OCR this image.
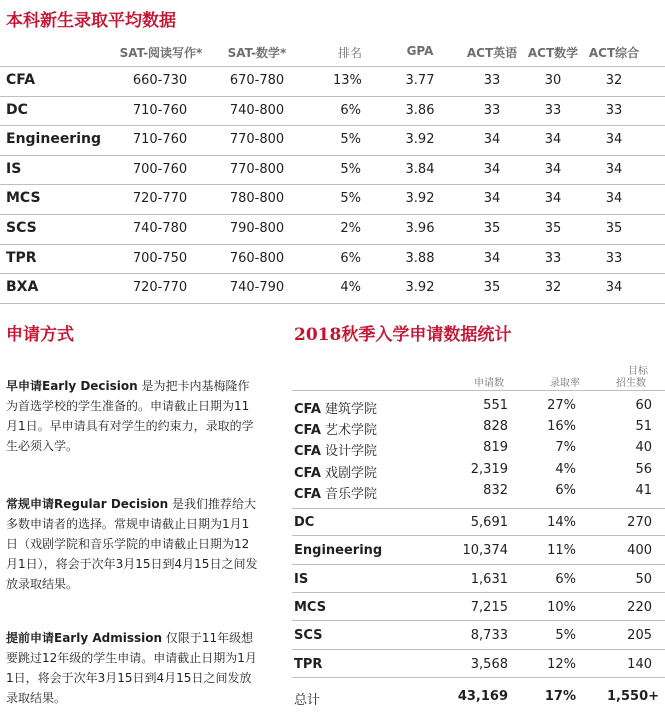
本科新生录取平均数据
SAT-阅读写作*	SAT-数学*	排名	GPA	ACT英语 ACT数学 ACT综合
CFA	660-730	670-780	13%	3.77	33	30	32
DC	710-760	740-800	6%	3.86	33	33	33
Engineering 710-760	770-800	5%	3.92	34	34	34
IS	700-760	770-800	5%	3.84	34	34	34
MCS	720-770	780-800	5%	3.92	34	34	34
SCS	740-780	790-800	2%	3.96	35	35	35
TPR	700-750	760-800	6%	3.88	34	33	33
BXA	720-770	740-790	4%	3.92	35	32	34
申请方式
早申请Early Decision 是为把卡内基梅隆作为首选学校的学生准备的。申请截止日期为11月1日。早申请具有对学生的约束力，录取的学生必须入学。
常规申请Regular Decision 是我们推荐给大多数申请者的选择。常规申请截止日期为1月1日（戏剧学院和音乐学院的申请截止日期为12月1日），将会于次年3月15日到4月15日之间发放录取结果。
提前申请Early Admission 仅限于11年级想要跳过12年级的学生申请。申请截止日期为1月1日，将会于次年3月15日到4月15日之间发放录取结果。
2018秋季入学申请数据统计
申请数	录取率
目标
招生数
CFA 建筑学院	551	27%	60
CFA 艺术学院	828	16%	51
CFA 设计学院	819	7%	40
CFA 戏剧学院	2,319	4%	56
CFA 音乐学院	832	6%	41
DC	5,691	14%	270
Engineering	10,374	11%	400
IS	1,631	6%	50
MCS	7,215	10%	220
SCS	8,733	5%	205
TPR	3,568	12%	140
总计	43,169	17% 1,550+
